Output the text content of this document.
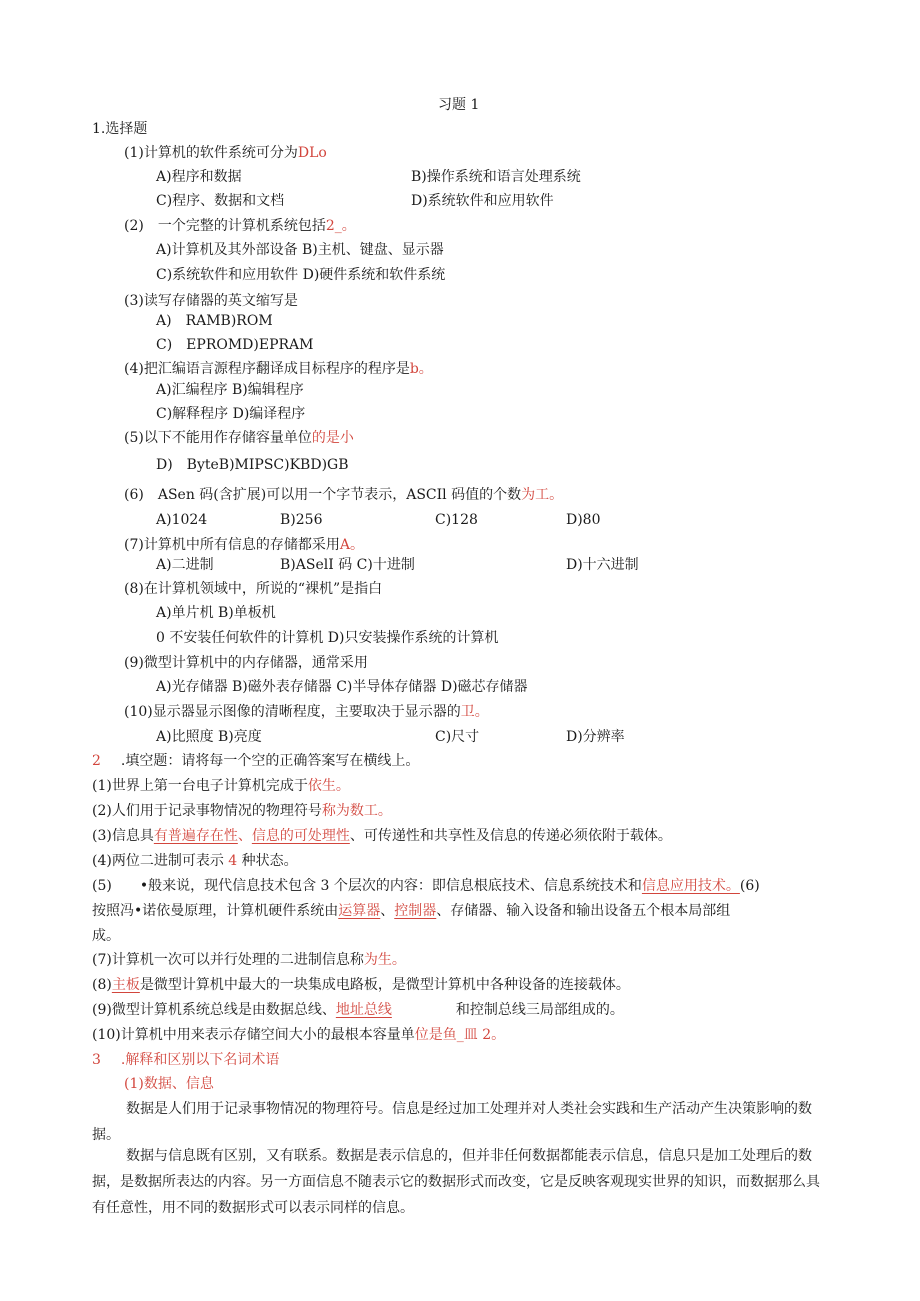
习题 1
1.选择题
(1)计算机的软件系统可分为DLo
A)程序和数据	B)操作系统和语言处理系统
C)程序、数据和文档	D)系统软件和应用软件
(2)　一个完整的计算机系统包括2_。
A)计算机及其外部设备 B)主机、键盘、显示器
C)系统软件和应用软件 D)硬件系统和软件系统
(3)读写存储器的英文缩写是
A)　RAMB)ROM
C)　EPROMD)EPRAM
(4)把汇编语言源程序翻译成目标程序的程序是b。
A)汇编程序 B)编辑程序
C)解释程序 D)编译程序
(5)以下不能用作存储容量单位的是小
D)　ByteB)MIPSC)KBD)GB
(6)　ASen 码(含扩展)可以用一个字节表示，ASCIl 码值的个数为工。
A)1024	B)256	C)128	D)80
(7)计算机中所有信息的存储都采用A。
A)二进制	B)ASelI 码 C)十进制	D)十六进制
(8)在计算机领域中，所说的“裸机”是指白
A)单片机 B)单板机
0 不安装任何软件的计算机 D)只安装操作系统的计算机
(9)微型计算机中的内存储器，通常采用
A)光存储器 B)磁外表存储器 C)半导体存储器 D)磁芯存储器
(10)显示器显示图像的清晰程度，主要取决于显示器的卫。
A)比照度 B)亮度	C)尺寸	D)分辨率
2 .填空题：请将每一个空的正确答案写在横线上。
(1)世界上第一台电子计算机完成于依生。
(2)人们用于记录事物情况的物理符号称为数工。
(3)信息具有普遍存在性、信息的可处理性、可传递性和共享性及信息的传递必须依附于载体。
(4)两位二进制可表示 4 种状态。
(5)　　•般来说，现代信息技术包含 3 个层次的内容：即信息根底技术、信息系统技术和信息应用技术。(6)
按照冯•诺依曼原理，计算机硬件系统由运算器、控制器、存储器、输入设备和输出设备五个根本局部组
成。
(7)计算机一次可以并行处理的二进制信息称为生。
(8)主板是微型计算机中最大的一块集成电路板，是微型计算机中各种设备的连接载体。
(9)微型计算机系统总线是由数据总线、地址总线	和控制总线三局部组成的。
(10)计算机中用来表示存储空间大小的最根本容量单位是鱼_皿 2。
3 .解释和区别以下名词术语
(1)数据、信息
数据是人们用于记录事物情况的物理符号。信息是经过加工处理并对人类社会实践和生产活动产生决策影响的数据。
数据与信息既有区别，又有联系。数据是表示信息的，但并非任何数据都能表示信息，信息只是加工处理后的数据，是数据所表达的内容。另一方面信息不随表示它的数据形式而改变，它是反映客观现实世界的知识，而数据那么具有任意性，用不同的数据形式可以表示同样的信息。
